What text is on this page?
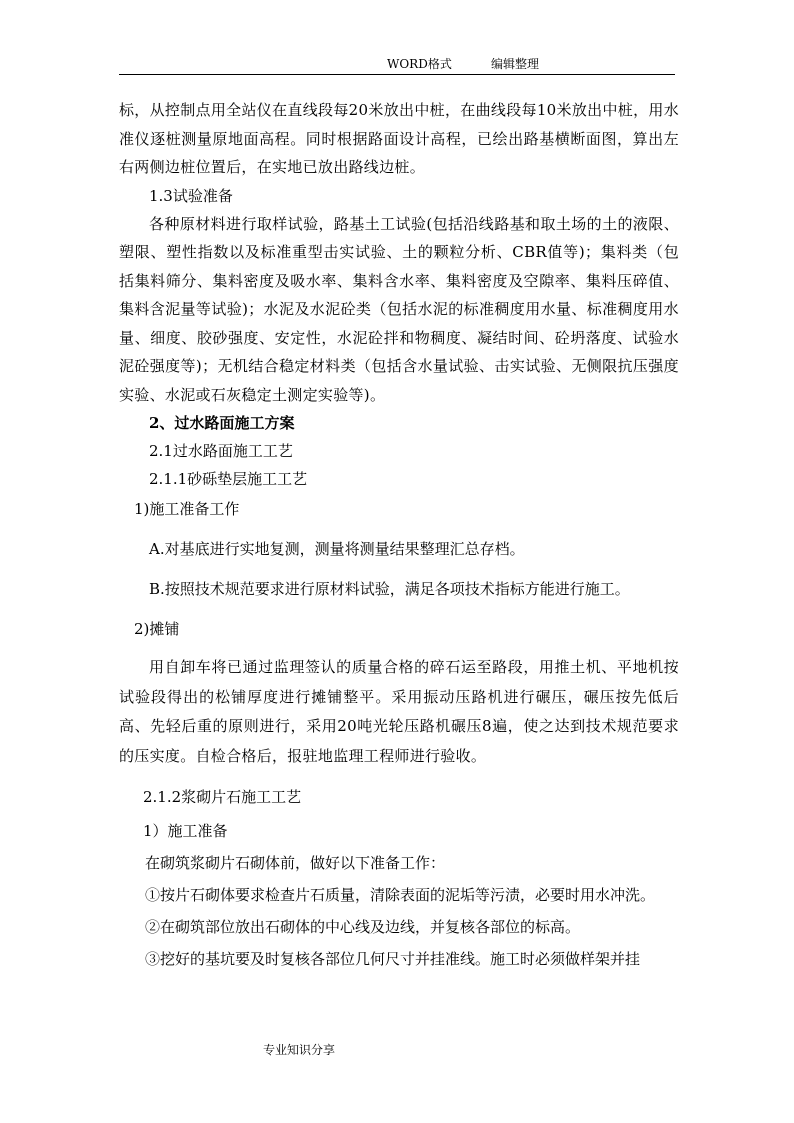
WORD格式	编辑整理

标，从控制点用全站仪在直线段每20米放出中桩，在曲线段每10米放出中桩，用水准仪逐桩测量原地面高程。同时根据路面设计高程，已绘出路基横断面图，算出左右两侧边桩位置后，在实地已放出路线边桩。

1.3试验准备

各种原材料进行取样试验，路基土工试验(包括沿线路基和取土场的土的液限、塑限、塑性指数以及标准重型击实试验、土的颗粒分析、CBR值等)；集料类（包括集料筛分、集料密度及吸水率、集料含水率、集料密度及空隙率、集料压碎值、集料含泥量等试验)；水泥及水泥砼类（包括水泥的标准稠度用水量、标准稠度用水量、细度、胶砂强度、安定性，水泥砼拌和物稠度、凝结时间、砼坍落度、试验水泥砼强度等)；无机结合稳定材料类（包括含水量试验、击实试验、无侧限抗压强度实验、水泥或石灰稳定土测定实验等)。

2、过水路面施工方案

2.1过水路面施工工艺

2.1.1砂砾垫层施工工艺

1)施工准备工作

A.对基底进行实地复测，测量将测量结果整理汇总存档。

B.按照技术规范要求进行原材料试验，满足各项技术指标方能进行施工。

2)摊铺

用自卸车将已通过监理签认的质量合格的碎石运至路段，用推土机、平地机按试验段得出的松铺厚度进行摊铺整平。采用振动压路机进行碾压，碾压按先低后高、先轻后重的原则进行，采用20吨光轮压路机碾压8遍，使之达到技术规范要求的压实度。自检合格后，报驻地监理工程师进行验收。

2.1.2浆砌片石施工工艺

1）施工准备

在砌筑浆砌片石砌体前，做好以下准备工作：

①按片石砌体要求检查片石质量，清除表面的泥垢等污渍，必要时用水冲洗。

②在砌筑部位放出石砌体的中心线及边线，并复核各部位的标高。

③挖好的基坑要及时复核各部位几何尺寸并挂准线。施工时必须做样架并挂

专业知识分享
